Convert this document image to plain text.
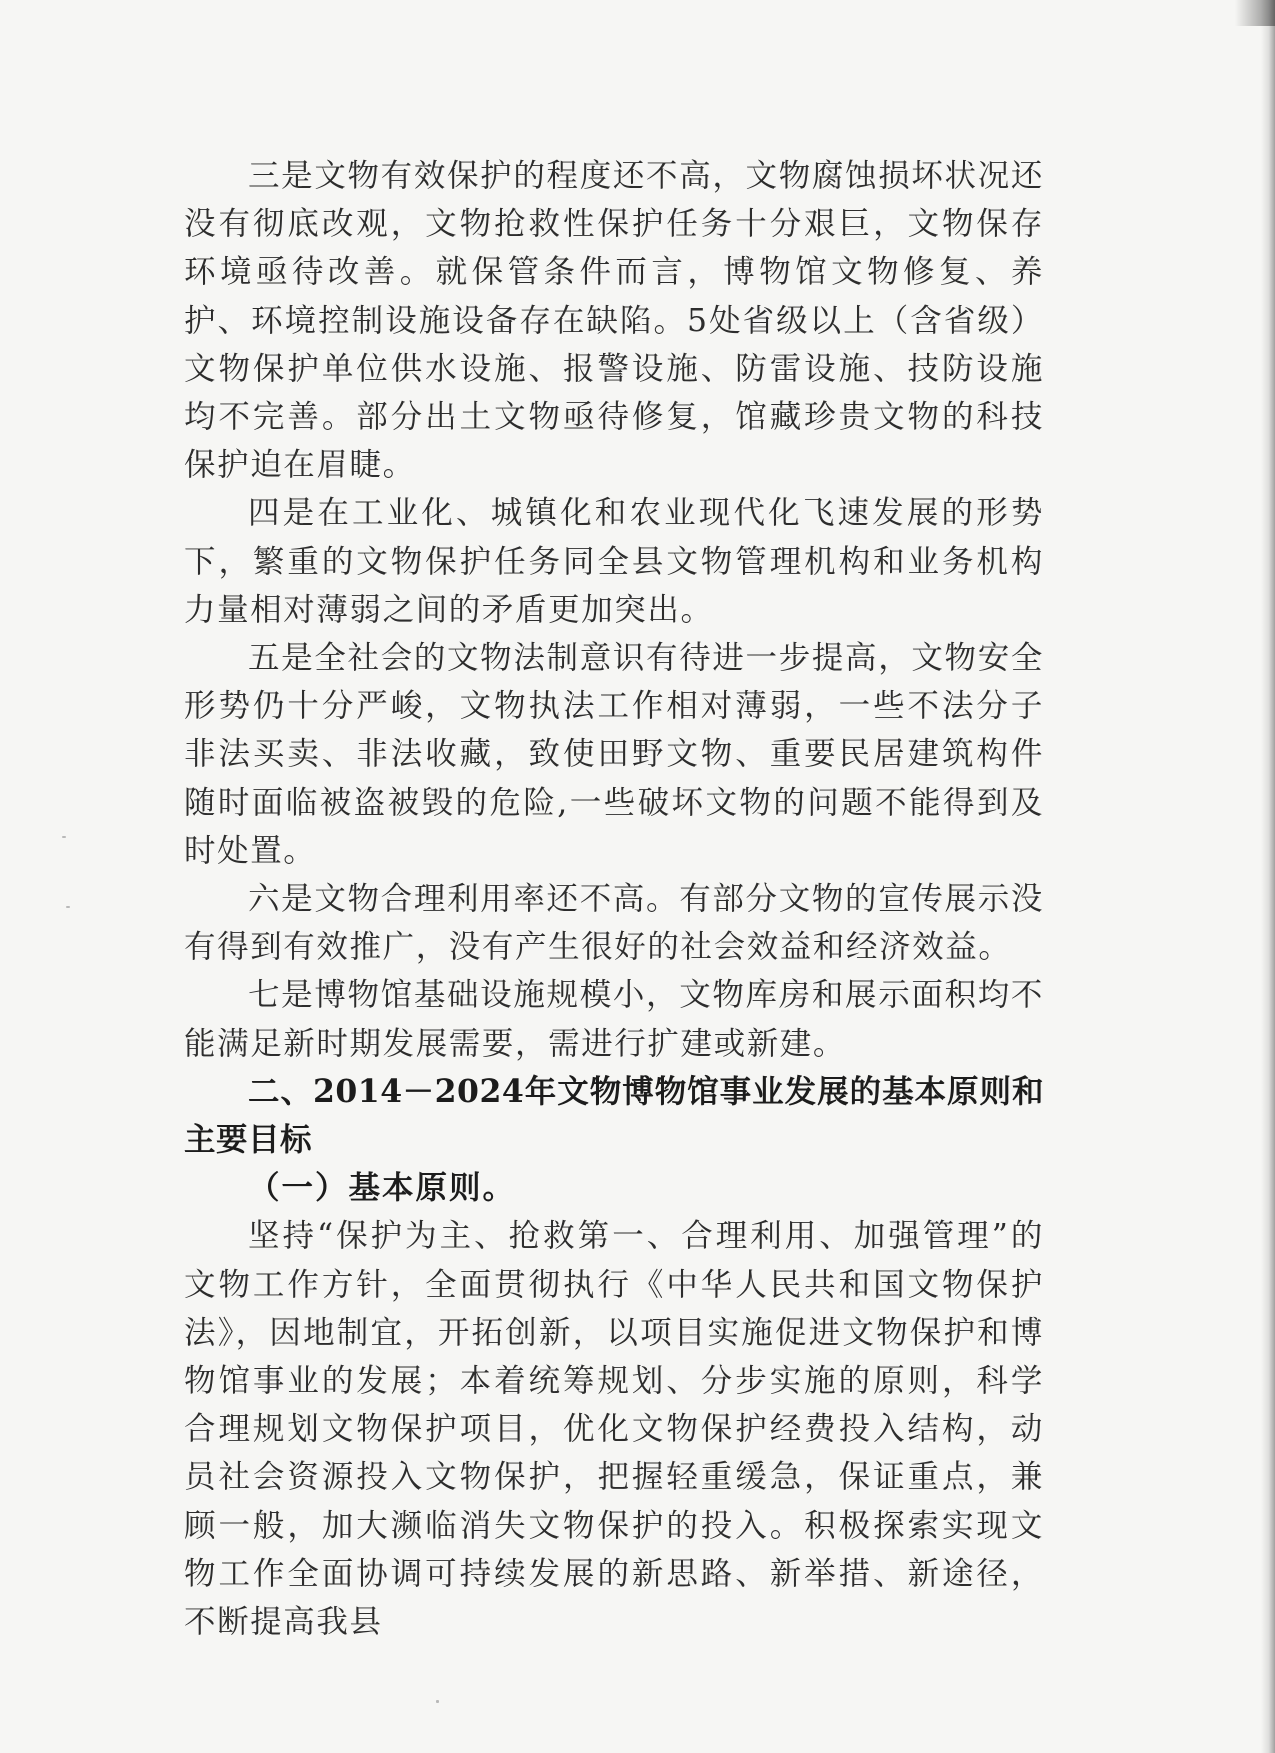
三是文物有效保护的程度还不高，文物腐蚀损坏状况还没有彻底改观，文物抢救性保护任务十分艰巨，文物保存环境亟待改善。就保管条件而言，博物馆文物修复、养护、环境控制设施设备存在缺陷。5处省级以上（含省级）文物保护单位供水设施、报警设施、防雷设施、技防设施均不完善。部分出土文物亟待修复，馆藏珍贵文物的科技保护迫在眉睫。

四是在工业化、城镇化和农业现代化飞速发展的形势下，繁重的文物保护任务同全县文物管理机构和业务机构力量相对薄弱之间的矛盾更加突出。

五是全社会的文物法制意识有待进一步提高，文物安全形势仍十分严峻，文物执法工作相对薄弱，一些不法分子非法买卖、非法收藏，致使田野文物、重要民居建筑构件随时面临被盗被毁的危险,一些破坏文物的问题不能得到及时处置。

六是文物合理利用率还不高。有部分文物的宣传展示没有得到有效推广，没有产生很好的社会效益和经济效益。

七是博物馆基础设施规模小，文物库房和展示面积均不能满足新时期发展需要，需进行扩建或新建。

二、2014－2024年文物博物馆事业发展的基本原则和主要目标

（一）基本原则。

坚持“保护为主、抢救第一、合理利用、加强管理”的文物工作方针，全面贯彻执行《中华人民共和国文物保护法》，因地制宜，开拓创新，以项目实施促进文物保护和博物馆事业的发展；本着统筹规划、分步实施的原则，科学合理规划文物保护项目，优化文物保护经费投入结构，动员社会资源投入文物保护，把握轻重缓急，保证重点，兼顾一般，加大濒临消失文物保护的投入。积极探索实现文物工作全面协调可持续发展的新思路、新举措、新途径，不断提高我县
